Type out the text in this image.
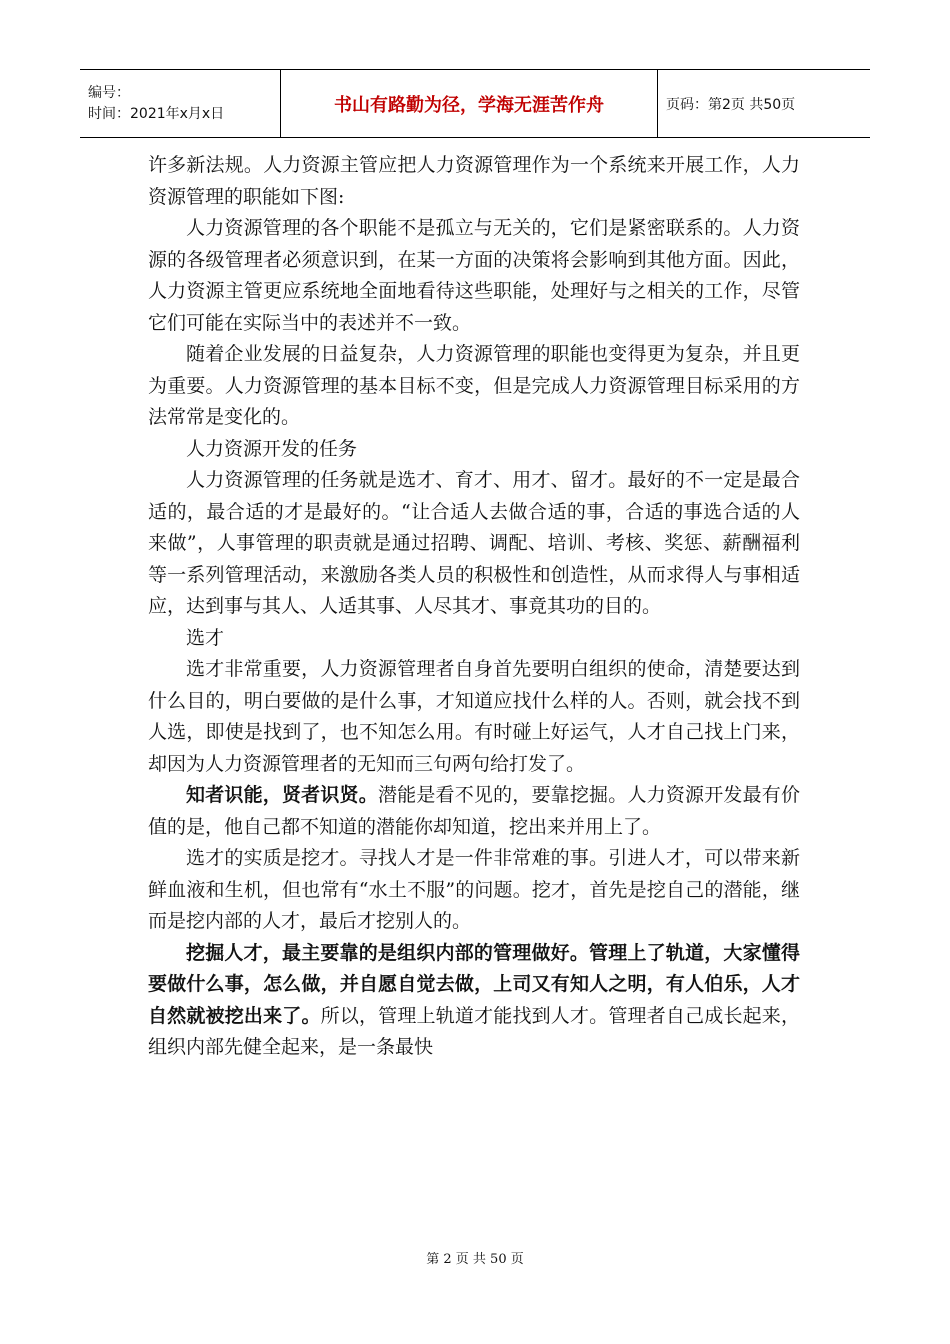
编号：
时间：2021年x月x日	书山有路勤为径，学海无涯苦作舟	页码：第2页 共50页

许多新法规。人力资源主管应把人力资源管理作为一个系统来开展工作，人力资源管理的职能如下图:

人力资源管理的各个职能不是孤立与无关的，它们是紧密联系的。人力资源的各级管理者必须意识到，在某一方面的决策将会影响到其他方面。因此，人力资源主管更应系统地全面地看待这些职能，处理好与之相关的工作，尽管它们可能在实际当中的表述并不一致。

随着企业发展的日益复杂，人力资源管理的职能也变得更为复杂，并且更为重要。人力资源管理的基本目标不变，但是完成人力资源管理目标采用的方法常常是变化的。

人力资源开发的任务

人力资源管理的任务就是选才、育才、用才、留才。最好的不一定是最合适的，最合适的才是最好的。“让合适人去做合适的事，合适的事选合适的人来做”，人事管理的职责就是通过招聘、调配、培训、考核、奖惩、薪酬福利等一系列管理活动，来激励各类人员的积极性和创造性，从而求得人与事相适应，达到事与其人、人适其事、人尽其才、事竟其功的目的。

选才

选才非常重要，人力资源管理者自身首先要明白组织的使命，清楚要达到什么目的，明白要做的是什么事，才知道应找什么样的人。否则，就会找不到人选，即使是找到了，也不知怎么用。有时碰上好运气，人才自己找上门来，却因为人力资源管理者的无知而三句两句给打发了。

知者识能，贤者识贤。潜能是看不见的，要靠挖掘。人力资源开发最有价值的是，他自己都不知道的潜能你却知道，挖出来并用上了。

选才的实质是挖才。寻找人才是一件非常难的事。引进人才，可以带来新鲜血液和生机，但也常有“水土不服”的问题。挖才，首先是挖自己的潜能，继而是挖内部的人才，最后才挖别人的。

挖掘人才，最主要靠的是组织内部的管理做好。管理上了轨道，大家懂得要做什么事，怎么做，并自愿自觉去做，上司又有知人之明，有人伯乐，人才自然就被挖出来了。所以，管理上轨道才能找到人才。管理者自己成长起来，组织内部先健全起来，是一条最快

第 2 页 共 50 页
